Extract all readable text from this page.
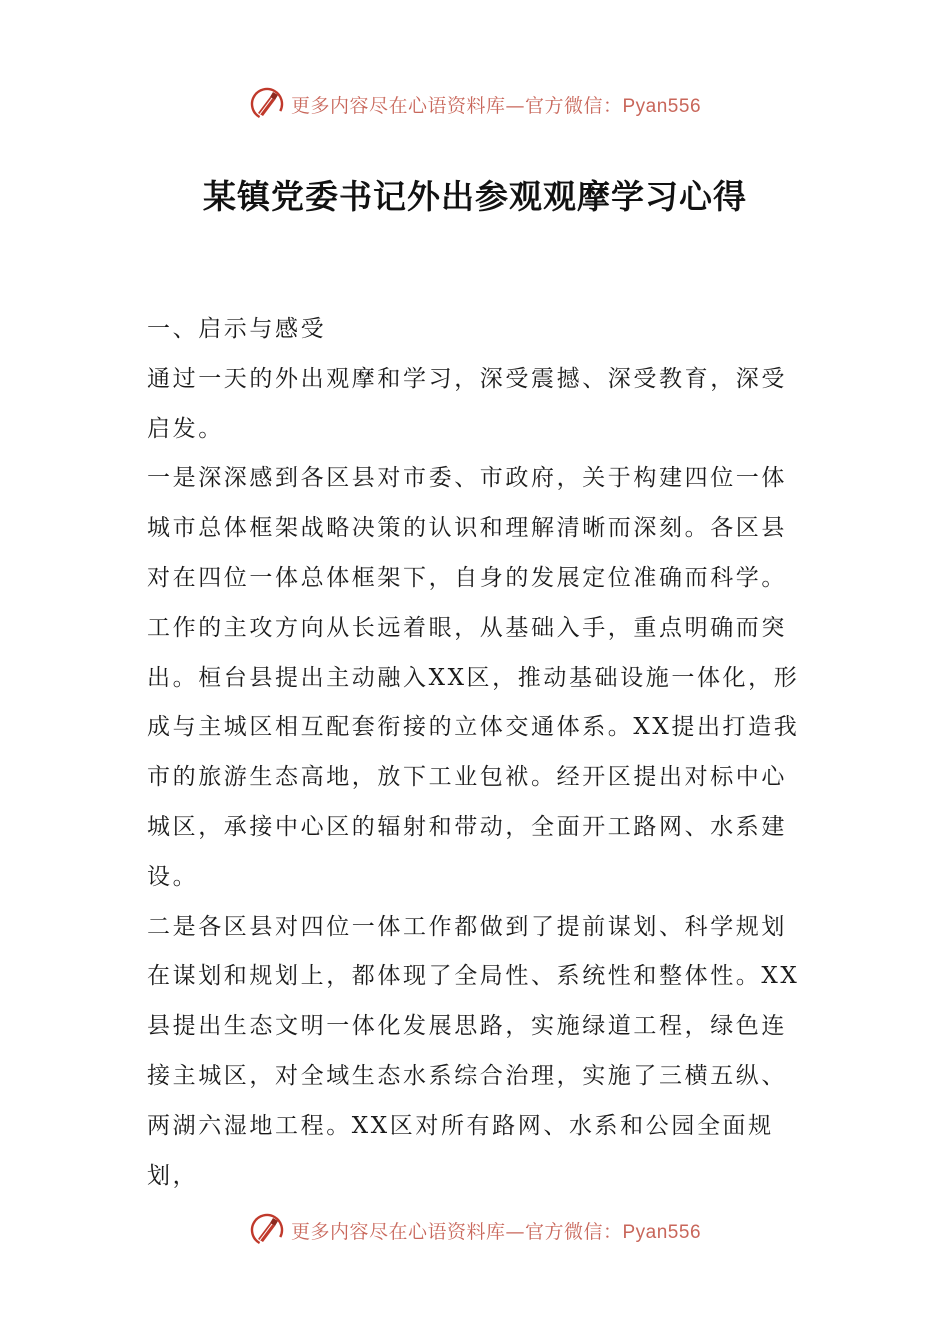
更多内容尽在心语资料库—官方微信：Pyan556
某镇党委书记外出参观观摩学习心得

一、启示与感受

通过一天的外出观摩和学习，深受震撼、深受教育，深受启发。

一是深深感到各区县对市委、市政府，关于构建四位一体城市总体框架战略决策的认识和理解清晰而深刻。各区县对在四位一体总体框架下，自身的发展定位准确而科学。工作的主攻方向从长远着眼，从基础入手，重点明确而突出。桓台县提出主动融入XX区，推动基础设施一体化，形成与主城区相互配套衔接的立体交通体系。XX提出打造我市的旅游生态高地，放下工业包袱。经开区提出对标中心城区，承接中心区的辐射和带动，全面开工路网、水系建设。

二是各区县对四位一体工作都做到了提前谋划、科学规划在谋划和规划上，都体现了全局性、系统性和整体性。XX县提出生态文明一体化发展思路，实施绿道工程，绿色连接主城区，对全域生态水系综合治理，实施了三横五纵、两湖六湿地工程。XX区对所有路网、水系和公园全面规划，

更多内容尽在心语资料库—官方微信：Pyan556
